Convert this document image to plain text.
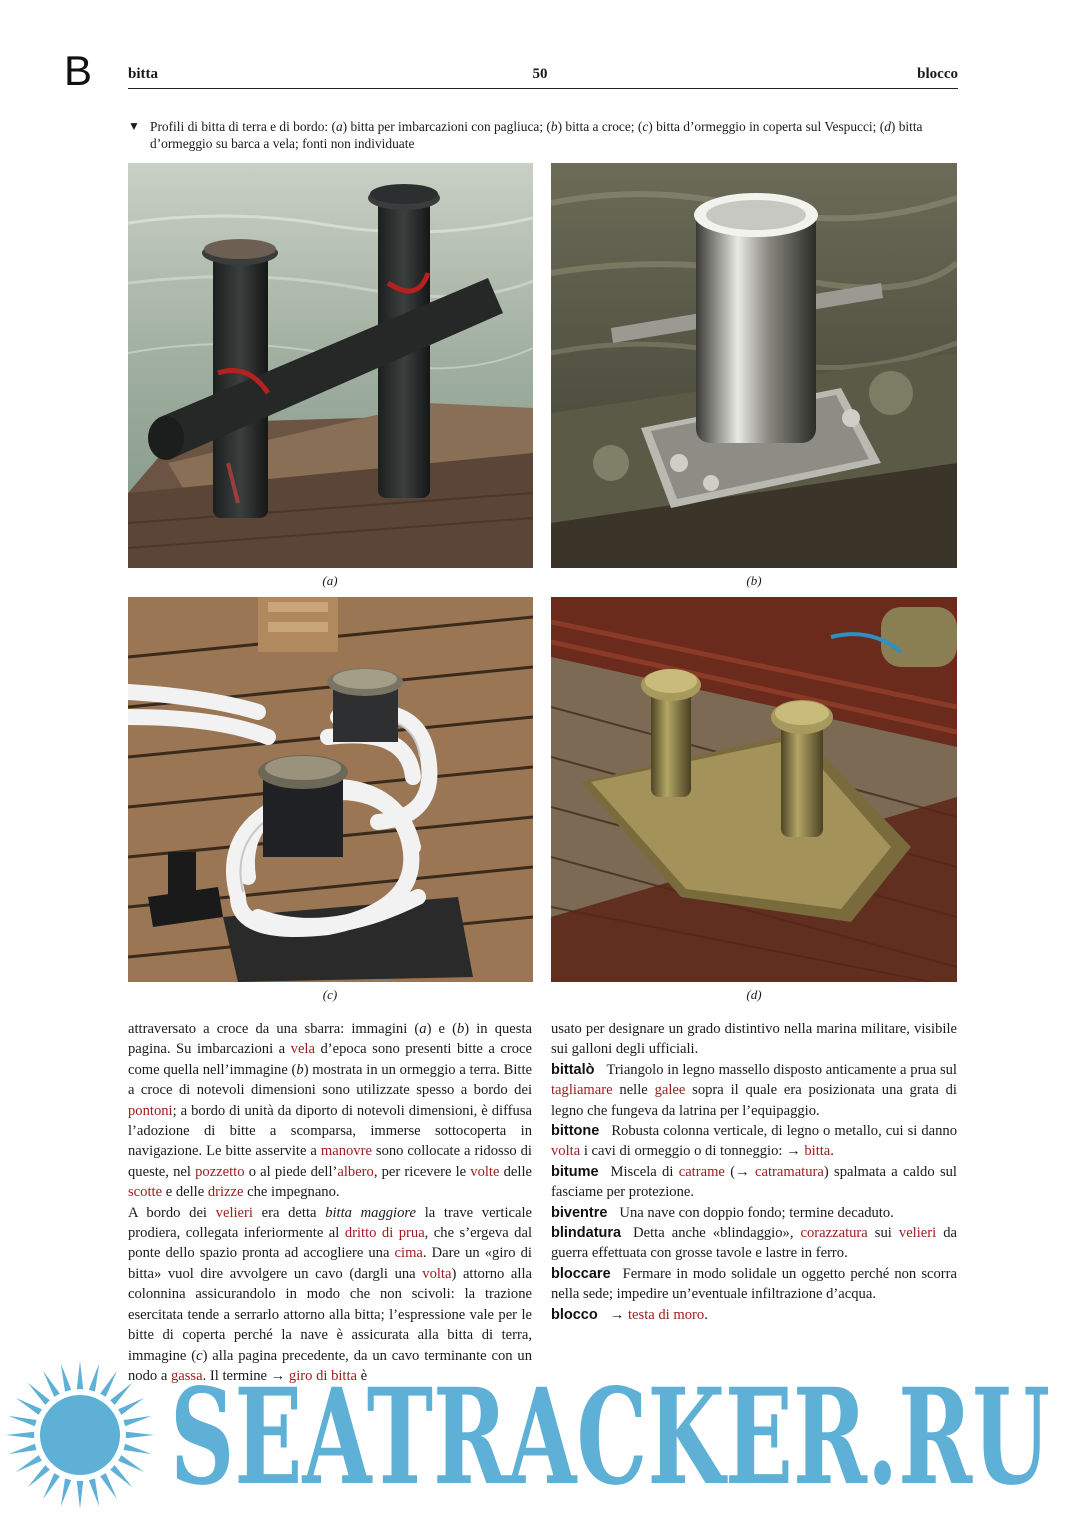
B bitta	50	blocco
▼ Profili di bitta di terra e di bordo: (a) bitta per imbarcazioni con pagliuca; (b) bitta a croce; (c) bitta d’ormeggio in coperta sul Vespucci; (d) bitta d’ormeggio su barca a vela; fonti non individuate
(a)	(b)
(c)	(d)

attraversato a croce da una sbarra: immagini (a) e (b) in questa pagina. Su imbarcazioni a vela d’epoca sono presenti bitte a croce come quella nell’immagine (b) mostrata in un ormeggio a terra. Bitte a croce di notevoli dimensioni sono utilizzate spesso a bordo dei pontoni; a bordo di unità da diporto di notevoli dimensioni, è diffusa l’adozione di bitte a scomparsa, immerse sottocoperta in navigazione. Le bitte asservite a manovre sono collocate a ridosso di queste, nel pozzetto o al piede dell’albero, per ricevere le volte delle scotte e delle drizze che impegnano.

A bordo dei velieri era detta bitta maggiore la trave verticale prodiera, collegata inferiormente al dritto di prua, che s’ergeva dal ponte dello spazio pronta ad accogliere una cima. Dare un «giro di bitta» vuol dire avvolgere un cavo (dargli una volta) attorno alla colonnina assicurandolo in modo che non scivoli: la trazione esercitata tende a serrarlo attorno alla bitta; l’espressione vale per le bitte di coperta perché la nave è assicurata alla bitta di terra, immagine (c) alla pagina precedente, da un cavo terminante con un nodo a gassa. Il termine → giro di bitta è

usato per designare un grado distintivo nella marina militare, visibile sui galloni degli ufficiali.

bittalò Triangolo in legno massello disposto anticamente a prua sul tagliamare nelle galee sopra il quale era posizionata una grata di legno che fungeva da latrina per l’equipaggio.

bittone Robusta colonna verticale, di legno o metallo, cui si danno volta i cavi di ormeggio o di tonneggio: → bitta.

bitume Miscela di catrame (→ catramatura) spalmata a caldo sul fasciame per protezione.

biventre Una nave con doppio fondo; termine decaduto.

blindatura Detta anche «blindaggio», corazzatura sui velieri da guerra effettuata con grosse tavole e lastre in ferro.

bloccare Fermare in modo solidale un oggetto perché non scorra nella sede; impedire un’eventuale infiltrazione d’acqua.

blocco → testa di moro.

SEATRACKER.RU
